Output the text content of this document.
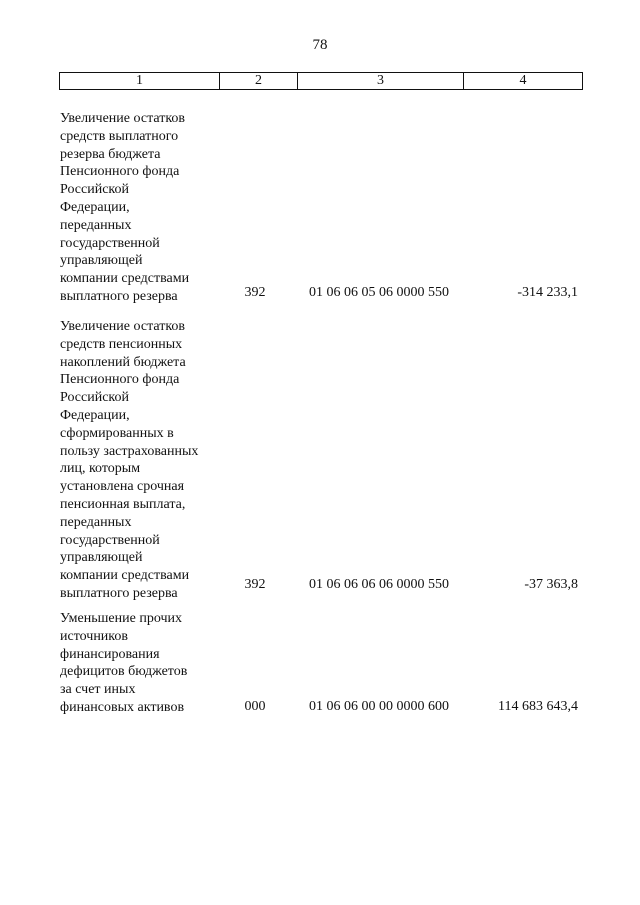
78
1	2	3	4
Увеличение остатков
средств выплатного
резерва бюджета
Пенсионного фонда
Российской
Федерации,
переданных
государственной
управляющей
компании средствами
выплатного резерва	392	01 06 06 05 06 0000 550	-314 233,1
Увеличение остатков
средств пенсионных
накоплений бюджета
Пенсионного фонда
Российской
Федерации,
сформированных в
пользу застрахованных
лиц, которым
установлена срочная
пенсионная выплата,
переданных
государственной
управляющей
компании средствами
выплатного резерва
392	01 06 06 06 06 0000 550	-37 363,8
Уменьшение прочих
источников
финансирования
дефицитов бюджетов
за счет иных
финансовых активов	000	01 06 06 00 00 0000 600	114 683 643,4
